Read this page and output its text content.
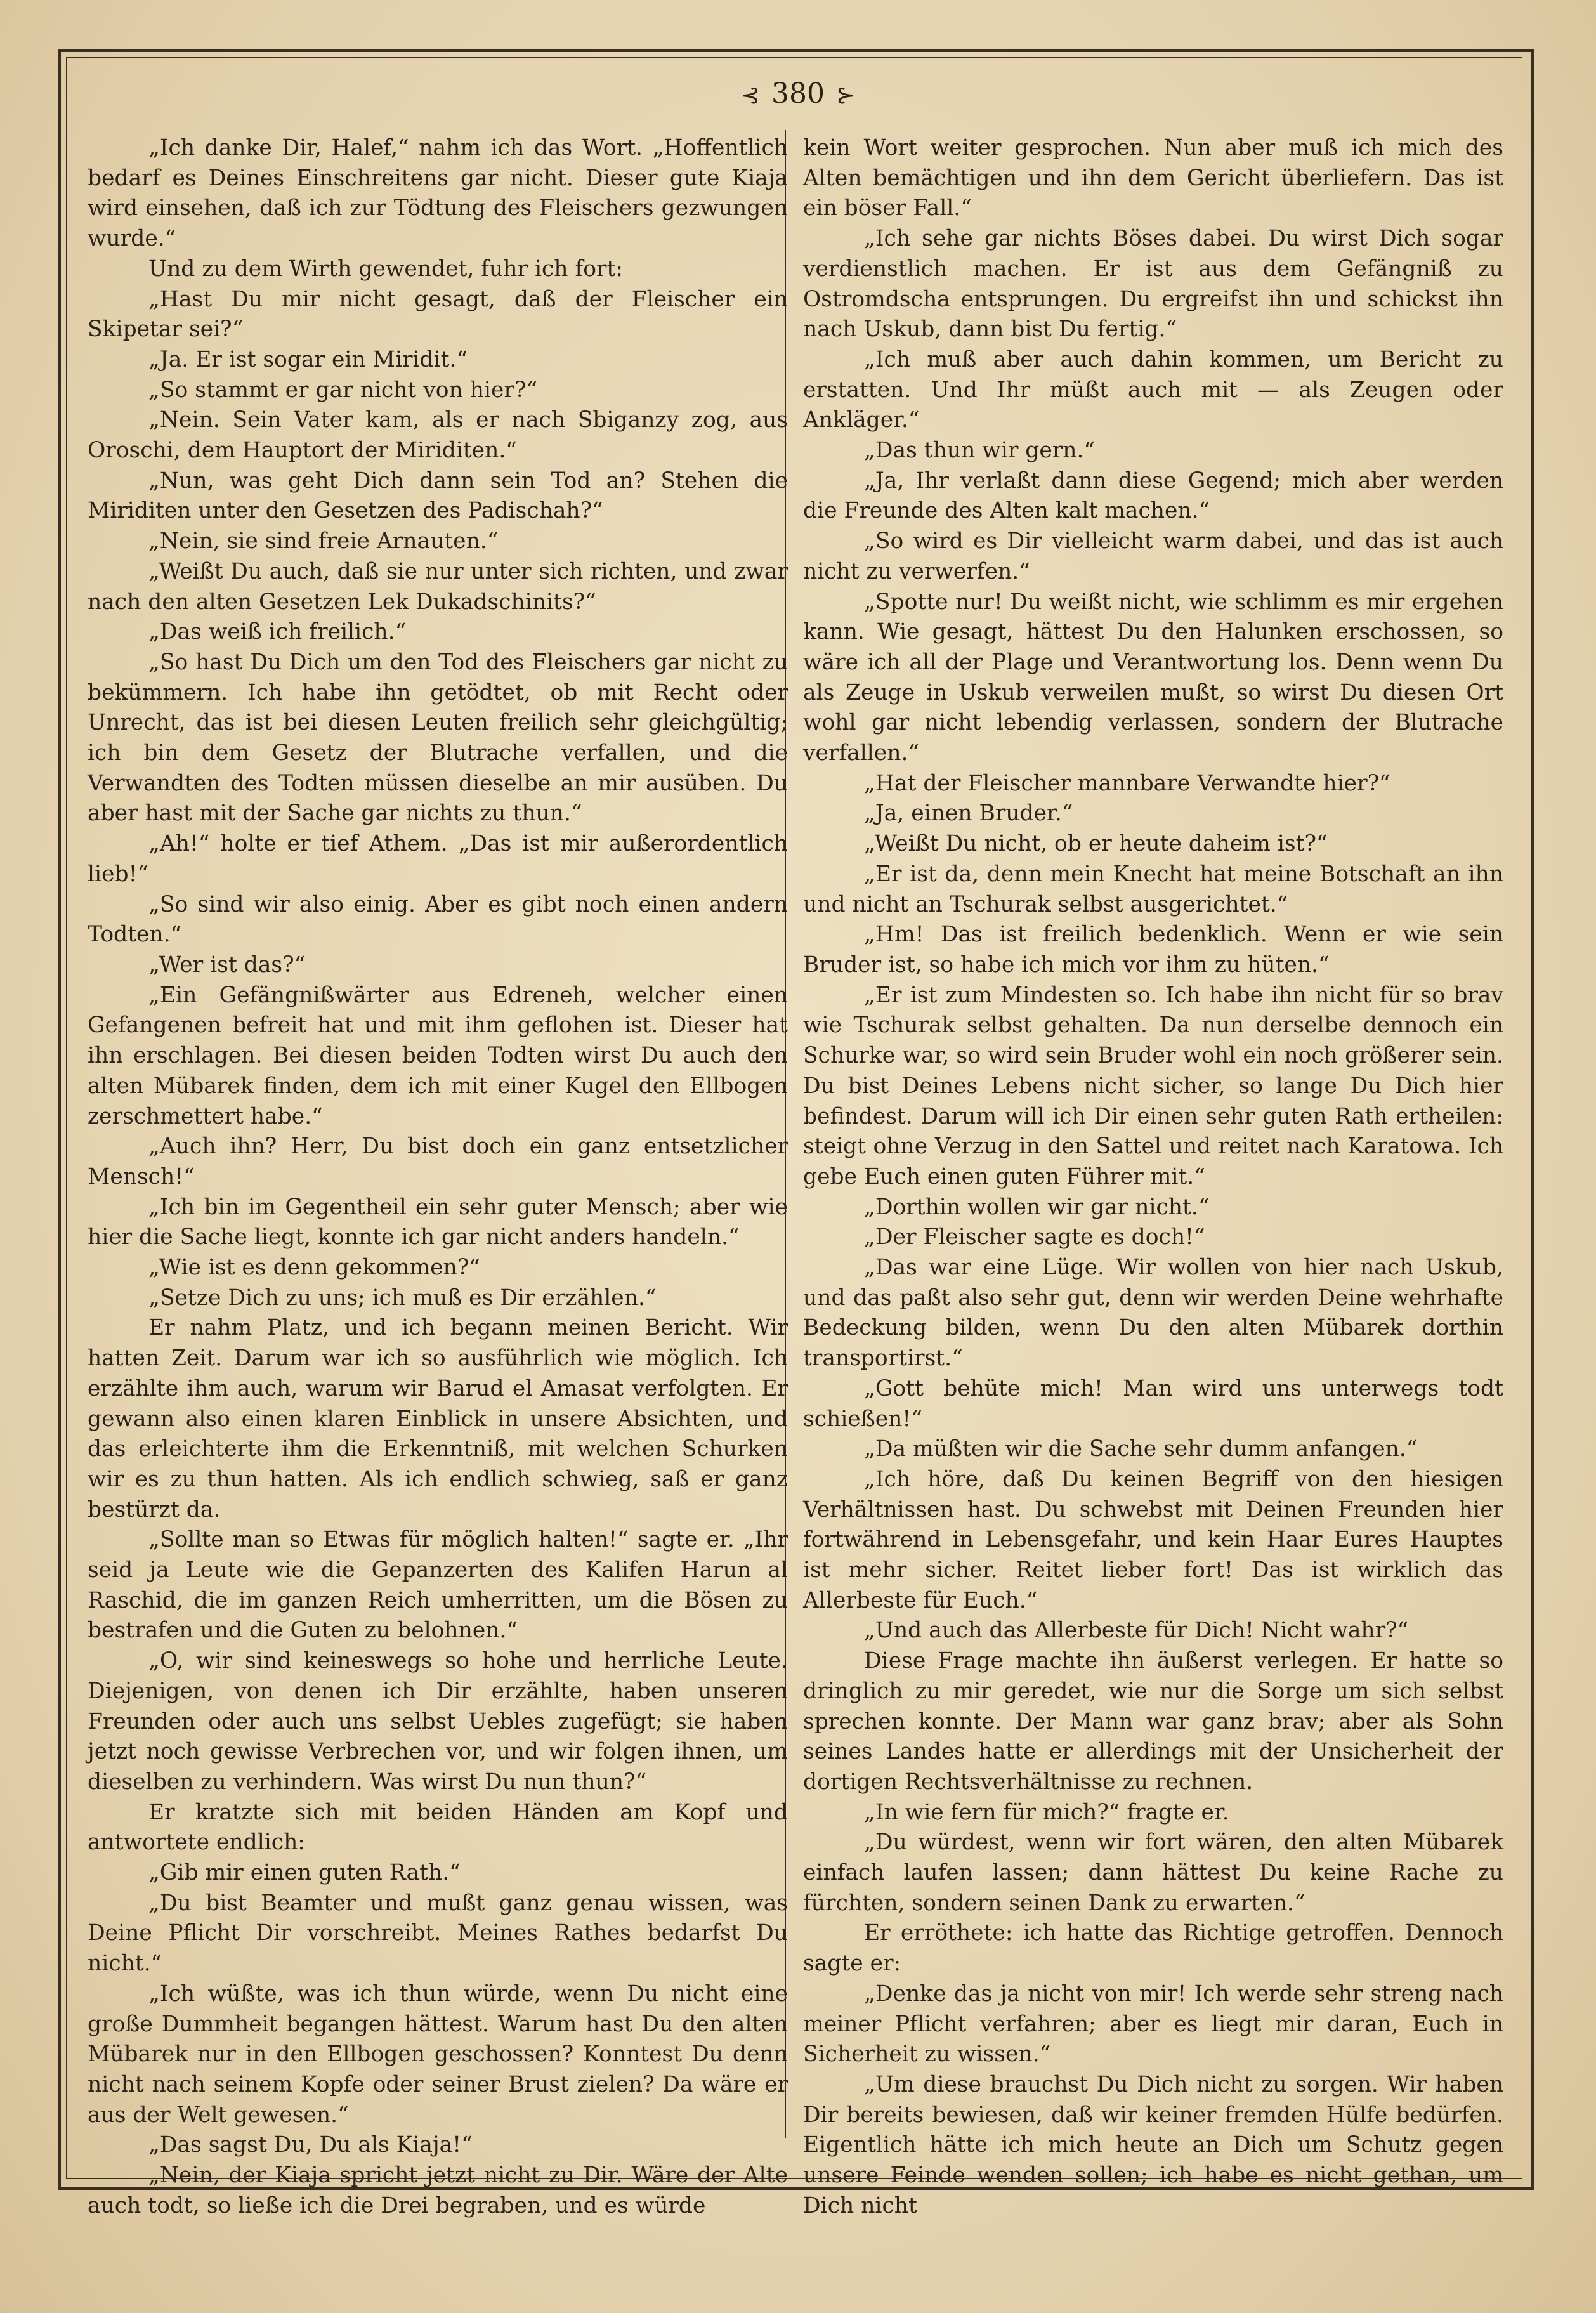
⊰ 380 ⊱

„Ich danke Dir, Halef,“ nahm ich das Wort. „Hoffentlich bedarf es Deines Einschreitens gar nicht. Dieser gute Kiaja wird einsehen, daß ich zur Tödtung des Fleischers gezwungen wurde.“

Und zu dem Wirth gewendet, fuhr ich fort:

„Hast Du mir nicht gesagt, daß der Fleischer ein Skipetar sei?“

„Ja. Er ist sogar ein Miridit.“

„So stammt er gar nicht von hier?“

„Nein. Sein Vater kam, als er nach Sbiganzy zog, aus Oroschi, dem Hauptort der Miriditen.“

„Nun, was geht Dich dann sein Tod an? Stehen die Miriditen unter den Gesetzen des Padischah?“

„Nein, sie sind freie Arnauten.“

„Weißt Du auch, daß sie nur unter sich richten, und zwar nach den alten Gesetzen Lek Dukadschinits?“

„Das weiß ich freilich.“

„So hast Du Dich um den Tod des Fleischers gar nicht zu bekümmern. Ich habe ihn getödtet, ob mit Recht oder Unrecht, das ist bei diesen Leuten freilich sehr gleichgültig; ich bin dem Gesetz der Blutrache verfallen, und die Verwandten des Todten müssen dieselbe an mir ausüben. Du aber hast mit der Sache gar nichts zu thun.“

„Ah!“ holte er tief Athem. „Das ist mir außerordentlich lieb!“

„So sind wir also einig. Aber es gibt noch einen andern Todten.“

„Wer ist das?“

„Ein Gefängnißwärter aus Edreneh, welcher einen Gefangenen befreit hat und mit ihm geflohen ist. Dieser hat ihn erschlagen. Bei diesen beiden Todten wirst Du auch den alten Mübarek finden, dem ich mit einer Kugel den Ellbogen zerschmettert habe.“

„Auch ihn? Herr, Du bist doch ein ganz entsetzlicher Mensch!“

„Ich bin im Gegentheil ein sehr guter Mensch; aber wie hier die Sache liegt, konnte ich gar nicht anders handeln.“

„Wie ist es denn gekommen?“

„Setze Dich zu uns; ich muß es Dir erzählen.“

Er nahm Platz, und ich begann meinen Bericht. Wir hatten Zeit. Darum war ich so ausführlich wie möglich. Ich erzählte ihm auch, warum wir Barud el Amasat verfolgten. Er gewann also einen klaren Einblick in unsere Absichten, und das erleichterte ihm die Erkenntniß, mit welchen Schurken wir es zu thun hatten. Als ich endlich schwieg, saß er ganz bestürzt da.

„Sollte man so Etwas für möglich halten!“ sagte er. „Ihr seid ja Leute wie die Gepanzerten des Kalifen Harun al Raschid, die im ganzen Reich umherritten, um die Bösen zu bestrafen und die Guten zu belohnen.“

„O, wir sind keineswegs so hohe und herrliche Leute. Diejenigen, von denen ich Dir erzählte, haben unseren Freunden oder auch uns selbst Uebles zugefügt; sie haben jetzt noch gewisse Verbrechen vor, und wir folgen ihnen, um dieselben zu verhindern. Was wirst Du nun thun?“

Er kratzte sich mit beiden Händen am Kopf und antwortete endlich:

„Gib mir einen guten Rath.“

„Du bist Beamter und mußt ganz genau wissen, was Deine Pflicht Dir vorschreibt. Meines Rathes bedarfst Du nicht.“

„Ich wüßte, was ich thun würde, wenn Du nicht eine große Dummheit begangen hättest. Warum hast Du den alten Mübarek nur in den Ellbogen geschossen? Konntest Du denn nicht nach seinem Kopfe oder seiner Brust zielen? Da wäre er aus der Welt gewesen.“

„Das sagst Du, Du als Kiaja!“

„Nein, der Kiaja spricht jetzt nicht zu Dir. Wäre der Alte auch todt, so ließe ich die Drei begraben, und es würde

kein Wort weiter gesprochen. Nun aber muß ich mich des Alten bemächtigen und ihn dem Gericht überliefern. Das ist ein böser Fall.“

„Ich sehe gar nichts Böses dabei. Du wirst Dich sogar verdienstlich machen. Er ist aus dem Gefängniß zu Ostromdscha entsprungen. Du ergreifst ihn und schickst ihn nach Uskub, dann bist Du fertig.“

„Ich muß aber auch dahin kommen, um Bericht zu erstatten. Und Ihr müßt auch mit — als Zeugen oder Ankläger.“

„Das thun wir gern.“

„Ja, Ihr verlaßt dann diese Gegend; mich aber werden die Freunde des Alten kalt machen.“

„So wird es Dir vielleicht warm dabei, und das ist auch nicht zu verwerfen.“

„Spotte nur! Du weißt nicht, wie schlimm es mir ergehen kann. Wie gesagt, hättest Du den Halunken erschossen, so wäre ich all der Plage und Verantwortung los. Denn wenn Du als Zeuge in Uskub verweilen mußt, so wirst Du diesen Ort wohl gar nicht lebendig verlassen, sondern der Blutrache verfallen.“

„Hat der Fleischer mannbare Verwandte hier?“

„Ja, einen Bruder.“

„Weißt Du nicht, ob er heute daheim ist?“

„Er ist da, denn mein Knecht hat meine Botschaft an ihn und nicht an Tschurak selbst ausgerichtet.“

„Hm! Das ist freilich bedenklich. Wenn er wie sein Bruder ist, so habe ich mich vor ihm zu hüten.“

„Er ist zum Mindesten so. Ich habe ihn nicht für so brav wie Tschurak selbst gehalten. Da nun derselbe dennoch ein Schurke war, so wird sein Bruder wohl ein noch größerer sein. Du bist Deines Lebens nicht sicher, so lange Du Dich hier befindest. Darum will ich Dir einen sehr guten Rath ertheilen: steigt ohne Verzug in den Sattel und reitet nach Karatowa. Ich gebe Euch einen guten Führer mit.“

„Dorthin wollen wir gar nicht.“

„Der Fleischer sagte es doch!“

„Das war eine Lüge. Wir wollen von hier nach Uskub, und das paßt also sehr gut, denn wir werden Deine wehrhafte Bedeckung bilden, wenn Du den alten Mübarek dorthin transportirst.“

„Gott behüte mich! Man wird uns unterwegs todt schießen!“

„Da müßten wir die Sache sehr dumm anfangen.“

„Ich höre, daß Du keinen Begriff von den hiesigen Verhältnissen hast. Du schwebst mit Deinen Freunden hier fortwährend in Lebensgefahr, und kein Haar Eures Hauptes ist mehr sicher. Reitet lieber fort! Das ist wirklich das Allerbeste für Euch.“

„Und auch das Allerbeste für Dich! Nicht wahr?“

Diese Frage machte ihn äußerst verlegen. Er hatte so dringlich zu mir geredet, wie nur die Sorge um sich selbst sprechen konnte. Der Mann war ganz brav; aber als Sohn seines Landes hatte er allerdings mit der Unsicherheit der dortigen Rechtsverhältnisse zu rechnen.

„In wie fern für mich?“ fragte er.

„Du würdest, wenn wir fort wären, den alten Mübarek einfach laufen lassen; dann hättest Du keine Rache zu fürchten, sondern seinen Dank zu erwarten.“

Er erröthete: ich hatte das Richtige getroffen. Dennoch sagte er:

„Denke das ja nicht von mir! Ich werde sehr streng nach meiner Pflicht verfahren; aber es liegt mir daran, Euch in Sicherheit zu wissen.“

„Um diese brauchst Du Dich nicht zu sorgen. Wir haben Dir bereits bewiesen, daß wir keiner fremden Hülfe bedürfen. Eigentlich hätte ich mich heute an Dich um Schutz gegen unsere Feinde wenden sollen; ich habe es nicht gethan, um Dich nicht
